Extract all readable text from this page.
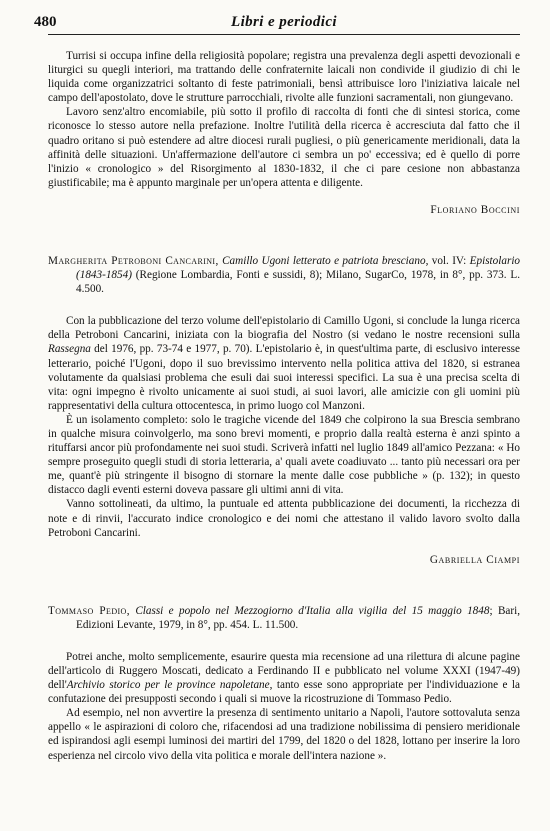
480	Libri e periodici

Turrisi si occupa infine della religiosità popolare; registra una prevalenza degli aspetti devozionali e liturgici su quegli interiori, ma trattando delle confraternite laicali non condivide il giudizio di chi le liquida come organizzatrici soltanto di feste patrimoniali, bensì attribuisce loro l'iniziativa laicale nel campo dell'apostolato, dove le strutture parrocchiali, rivolte alle funzioni sacramentali, non giungevano.

Lavoro senz'altro encomiabile, più sotto il profilo di raccolta di fonti che di sintesi storica, come riconosce lo stesso autore nella prefazione. Inoltre l'utilità della ricerca è accresciuta dal fatto che il quadro oritano si può estendere ad altre diocesi rurali pugliesi, o più genericamente meridionali, data la affinità delle situazioni. Un'affermazione dell'autore ci sembra un po' eccessiva; ed è quello di porre l'inizio « cronologico » del Risorgimento al 1830-1832, il che ci pare cesione non abbastanza giustificabile; ma è appunto marginale per un'opera attenta e diligente.

Floriano Boccini

Margherita Petroboni Cancarini, Camillo Ugoni letterato e patriota bresciano, vol. IV: Epistolario (1843-1854) (Regione Lombardia, Fonti e sussidi, 8); Milano, SugarCo, 1978, in 8°, pp. 373. L. 4.500.

Con la pubblicazione del terzo volume dell'epistolario di Camillo Ugoni, si conclude la lunga ricerca della Petroboni Cancarini, iniziata con la biografia del Nostro (si vedano le nostre recensioni sulla Rassegna del 1976, pp. 73-74 e 1977, p. 70). L'epistolario è, in quest'ultima parte, di esclusivo interesse letterario, poiché l'Ugoni, dopo il suo brevissimo intervento nella politica attiva del 1820, si estranea volutamente da qualsiasi problema che esuli dai suoi interessi specifici. La sua è una precisa scelta di vita: ogni impegno è rivolto unicamente ai suoi studi, ai suoi lavori, alle amicizie con gli uomini più rappresentativi della cultura ottocentesca, in primo luogo col Manzoni.

È un isolamento completo: solo le tragiche vicende del 1849 che colpirono la sua Brescia sembrano in qualche misura coinvolgerlo, ma sono brevi momenti, e proprio dalla realtà esterna è anzi spinto a rituffarsi ancor più profondamente nei suoi studi. Scriverà infatti nel luglio 1849 all'amico Pezzana: « Ho sempre proseguito quegli studi di storia letteraria, a' quali avete coadiuvato ... tanto più necessari ora per me, quant'è più stringente il bisogno di stornare la mente dalle cose pubbliche » (p. 132); in questo distacco dagli eventi esterni doveva passare gli ultimi anni di vita.

Vanno sottolineati, da ultimo, la puntuale ed attenta pubblicazione dei documenti, la ricchezza di note e di rinvii, l'accurato indice cronologico e dei nomi che attestano il valido lavoro svolto dalla Petroboni Cancarini.

Gabriella Ciampi

Tommaso Pedio, Classi e popolo nel Mezzogiorno d'Italia alla vigilia del 15 maggio 1848; Bari, Edizioni Levante, 1979, in 8°, pp. 454. L. 11.500.

Potrei anche, molto semplicemente, esaurire questa mia recensione ad una rilettura di alcune pagine dell'articolo di Ruggero Moscati, dedicato a Ferdinando II e pubblicato nel volume XXXI (1947-49) dell'Archivio storico per le province napoletane, tanto esse sono appropriate per l'individuazione e la confutazione dei presupposti secondo i quali si muove la ricostruzione di Tommaso Pedio.

Ad esempio, nel non avvertire la presenza di sentimento unitario a Napoli, l'autore sottovaluta senza appello « le aspirazioni di coloro che, rifacendosi ad una tradizione nobilissima di pensiero meridionale ed ispirandosi agli esempi luminosi dei martiri del 1799, del 1820 o del 1828, lottano per inserire la loro esperienza nel circolo vivo della vita politica e morale dell'intera nazione ».
